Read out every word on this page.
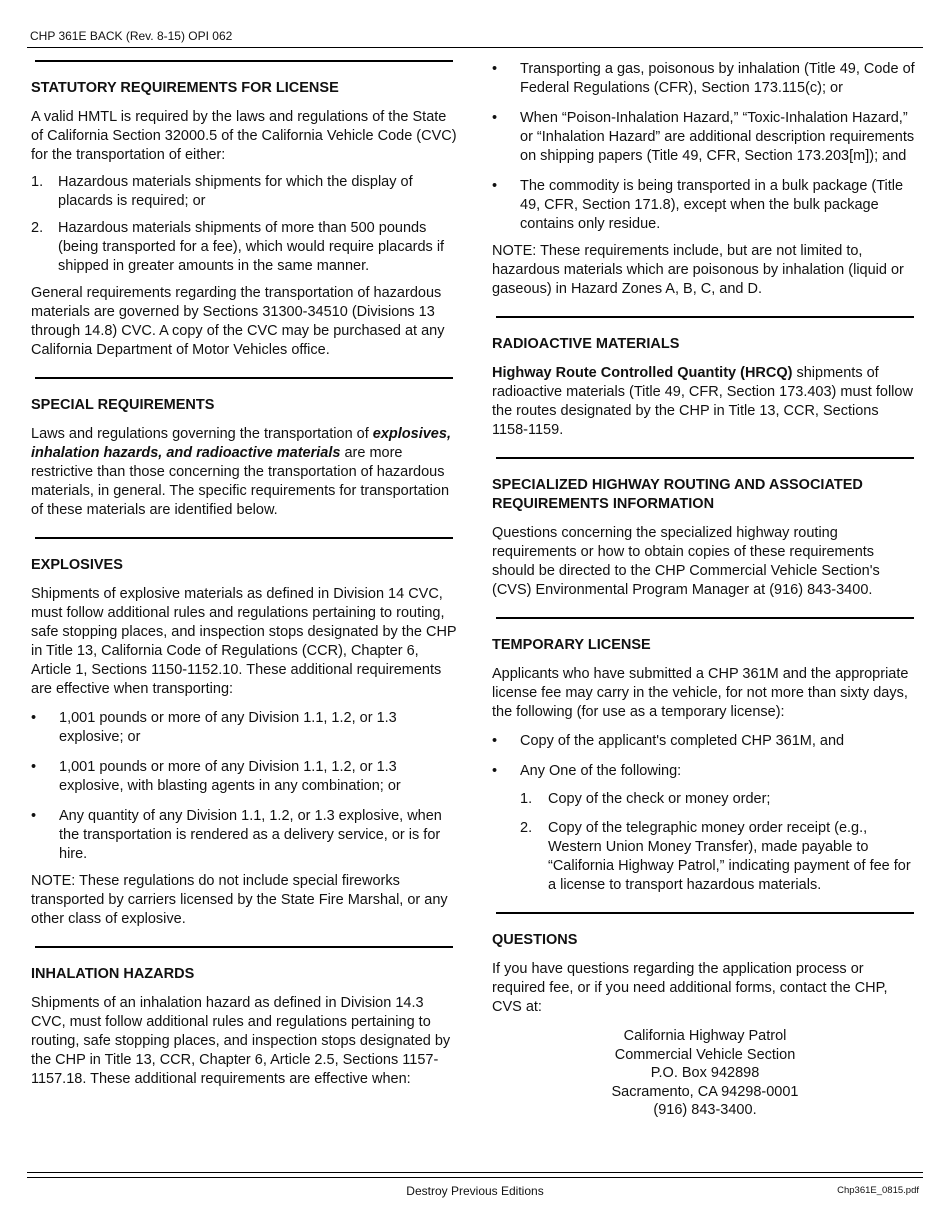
CHP 361E BACK (Rev. 8-15) OPI 062
STATUTORY REQUIREMENTS FOR LICENSE

A valid HMTL is required by the laws and regulations of the State of California Section 32000.5 of the California Vehicle Code (CVC) for the transportation of either:

1.	Hazardous materials shipments for which the display of placards is required; or
2.	Hazardous materials shipments of more than 500 pounds (being transported for a fee), which would require placards if shipped in greater amounts in the same manner.

General requirements regarding the transportation of hazardous materials are governed by Sections 31300-34510 (Divisions 13 through 14.8) CVC. A copy of the CVC may be purchased at any California Department of Motor Vehicles office.

SPECIAL REQUIREMENTS

Laws and regulations governing the transportation of explosives, inhalation hazards, and radioactive materials are more restrictive than those concerning the transportation of hazardous materials, in general. The specific requirements for transportation of these materials are identified below.

EXPLOSIVES

Shipments of explosive materials as defined in Division 14 CVC, must follow additional rules and regulations pertaining to routing, safe stopping places, and inspection stops designated by the CHP in Title 13, California Code of Regulations (CCR), Chapter 6, Article 1, Sections 1150-1152.10. These additional requirements are effective when transporting:

•	1,001 pounds or more of any Division 1.1, 1.2, or 1.3 explosive; or
•	1,001 pounds or more of any Division 1.1, 1.2, or 1.3 explosive, with blasting agents in any combination; or
•	Any quantity of any Division 1.1, 1.2, or 1.3 explosive, when the transportation is rendered as a delivery service, or is for hire.

NOTE: These regulations do not include special fireworks transported by carriers licensed by the State Fire Marshal, or any other class of explosive.

INHALATION HAZARDS

Shipments of an inhalation hazard as defined in Division 14.3 CVC, must follow additional rules and regulations pertaining to routing, safe stopping places, and inspection stops designated by the CHP in Title 13, CCR, Chapter 6, Article 2.5, Sections 1157-1157.18. These additional requirements are effective when:

•	Transporting a gas, poisonous by inhalation (Title 49, Code of Federal Regulations (CFR), Section 173.115(c); or
•	When “Poison-Inhalation Hazard,” “Toxic-Inhalation Hazard,” or “Inhalation Hazard” are additional description requirements on shipping papers (Title 49, CFR, Section 173.203[m]); and
•	The commodity is being transported in a bulk package (Title 49, CFR, Section 171.8), except when the bulk package contains only residue.

NOTE: These requirements include, but are not limited to, hazardous materials which are poisonous by inhalation (liquid or gaseous) in Hazard Zones A, B, C, and D.

RADIOACTIVE MATERIALS

Highway Route Controlled Quantity (HRCQ) shipments of radioactive materials (Title 49, CFR, Section 173.403) must follow the routes designated by the CHP in Title 13, CCR, Sections 1158-1159.

SPECIALIZED HIGHWAY ROUTING AND ASSOCIATED REQUIREMENTS INFORMATION

Questions concerning the specialized highway routing requirements or how to obtain copies of these requirements should be directed to the CHP Commercial Vehicle Section's (CVS) Environmental Program Manager at (916) 843-3400.

TEMPORARY LICENSE

Applicants who have submitted a CHP 361M and the appropriate license fee may carry in the vehicle, for not more than sixty days, the following (for use as a temporary license):

•	Copy of the applicant's completed CHP 361M, and
•	Any One of the following:
1. Copy of the check or money order;
2. Copy of the telegraphic money order receipt (e.g., Western Union Money Transfer), made payable to “California Highway Patrol,” indicating payment of fee for a license to transport hazardous materials.
QUESTIONS

If you have questions regarding the application process or required fee, or if you need additional forms, contact the CHP, CVS at:

California Highway Patrol
Commercial Vehicle Section
P.O. Box 942898
Sacramento, CA 94298-0001
(916) 843-3400.
Destroy Previous Editions	Chp361E_0815.pdf
